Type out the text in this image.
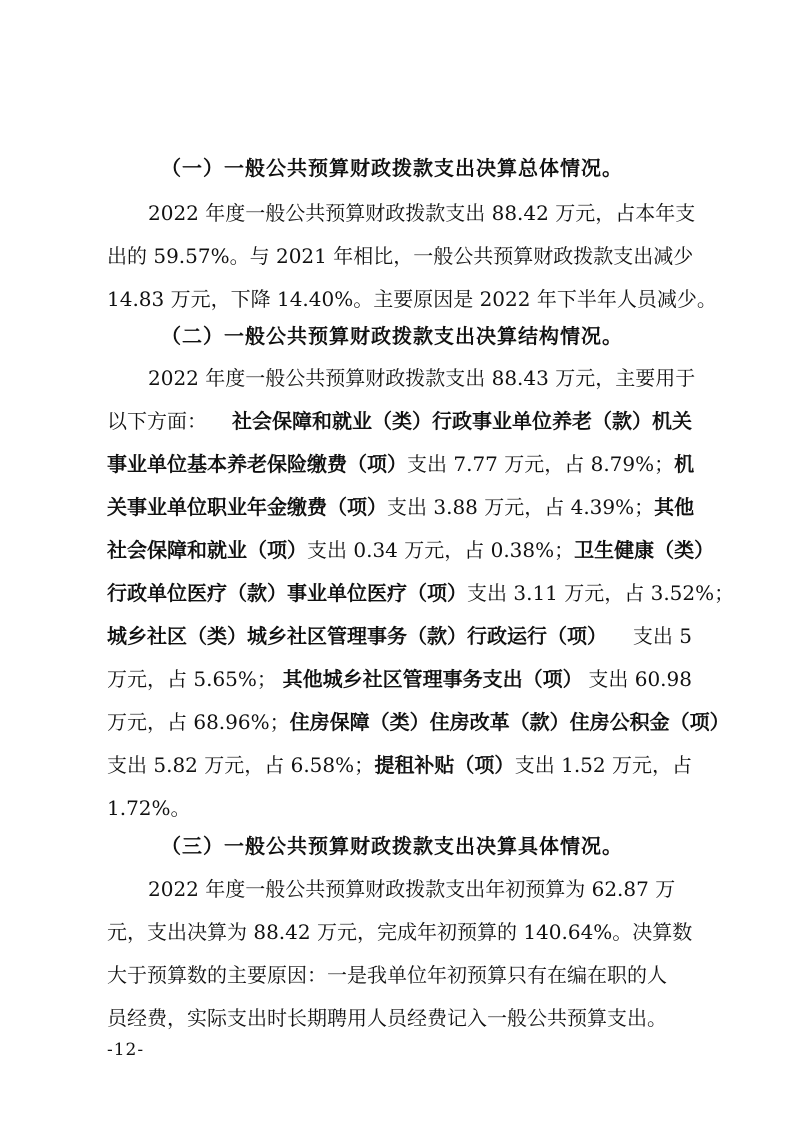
（一）一般公共预算财政拨款支出决算总体情况。
2022 年度一般公共预算财政拨款支出 88.42 万元，占本年支
出的 59.57%。与 2021 年相比，一般公共预算财政拨款支出减少
14.83 万元，下降 14.40%。主要原因是 2022 年下半年人员减少。
（二）一般公共预算财政拨款支出决算结构情况。
2022 年度一般公共预算财政拨款支出 88.43 万元，主要用于
以下方面： 社会保障和就业（类）行政事业单位养老（款）机关
事业单位基本养老保险缴费（项） 支出 7.77 万元，占 8.79%； 机
关事业单位职业年金缴费（项） 支出 3.88 万元，占 4.39%； 其他
社会保障和就业（项） 支出 0.34 万元，占 0.38%； 卫生健康（类）
行政单位医疗（款）事业单位医疗（项） 支出 3.11 万元，占 3.52%；
城乡社区（类）城乡社区管理事务（款）行政运行（项） 支出 5
万元，占 5.65%； 其他城乡社区管理事务支出（项） 支出 60.98
万元，占 68.96%； 住房保障（类）住房改革（款）住房公积金（项）
支出 5.82 万元，占 6.58%； 提租补贴（项） 支出 1.52 万元，占
1.72%。
（三）一般公共预算财政拨款支出决算具体情况。
2022 年度一般公共预算财政拨款支出年初预算为 62.87 万
元，支出决算为 88.42 万元，完成年初预算的 140.64%。决算数
大于预算数的主要原因：一是我单位年初预算只有在编在职的人
员经费，实际支出时长期聘用人员经费记入一般公共预算支出。
-12-
